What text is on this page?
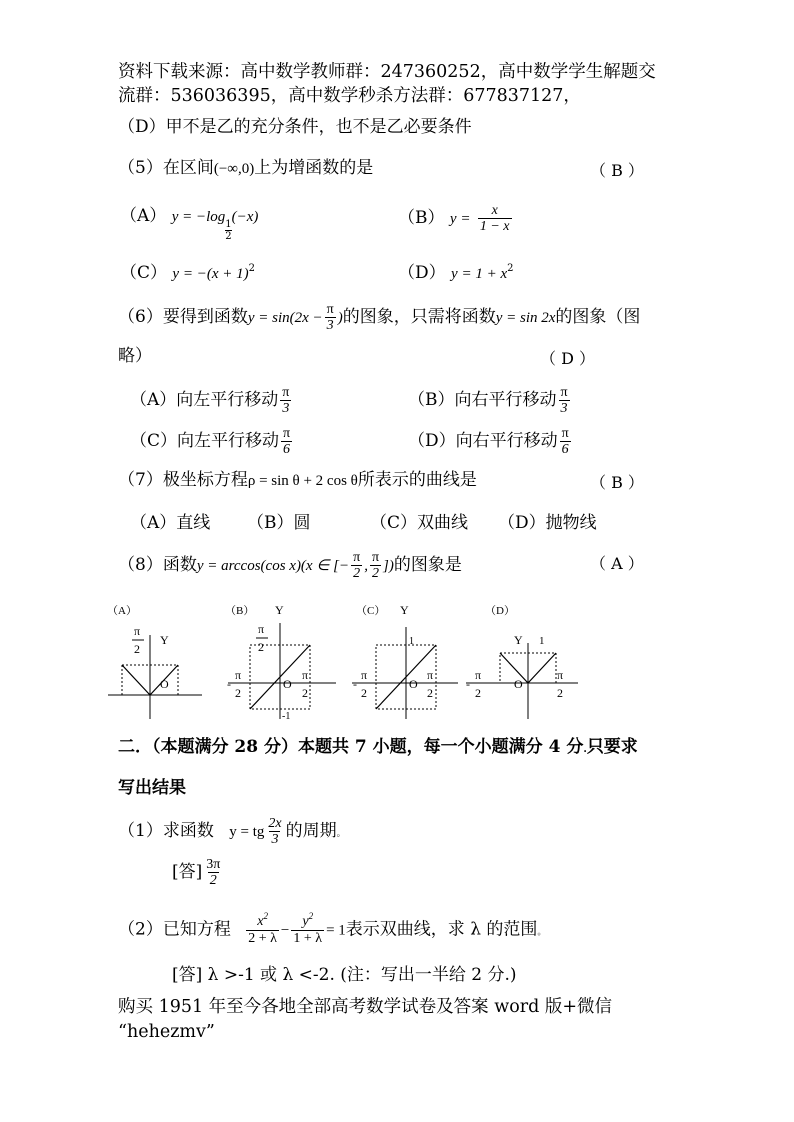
资料下载来源：高中数学教师群：247360252，高中数学学生解题交
流群：536036395，高中数学秒杀方法群：677837127，
（D）甲不是乙的充分条件，也不是乙必要条件
（5）在区间(−∞,0)上为增函数的是	（ B ）
（A） y = −log
$\frac{1}{2}$
(−x)	（B） $y = \frac{x}{1 - x}$
（C） $y = -(x + 1)^2$	（D） $y = 1 + x^2$
（6）要得到函数$y = \sin(2x - \frac{\pi}{3}$ )的图象，只需将函数y = sin 2x的图象（图
略）	（ D ）
（A）向左平行移动 $\frac{\pi}{3}$	（B）向右平行移动 $\frac{\pi}{3}$
（C）向左平行移动 $\frac{\pi}{6}$	（D）向右平行移动 $\frac{\pi}{6}$
（7）极坐标方程ρ = sin θ + 2 cos θ所表示的曲线是	（ B ）
（A）直线 （B）圆	（C）双曲线 （D）抛物线
（8）函数y = arccos(cos x)(x ∈ [− $\frac{\pi}{2}$ , $\frac{\pi}{2}$ ])的图象是	（ A ）
（A）
π
2
Y
O
（B） Y
π
2
-
π
2
O
π
2
-1
（C） Y
1
-
π
2
O
π
2
（D）
Y 1
-
π
2
O
π
2
二．（本题满分 28 分）本题共 7 小题，每一个小题满分 4 分.只要求
写出结果
（1）求函数 y = tg $\frac{2x}{3}$ 的周期。
[答] $\frac{3\pi}{2}$
（2）已知方程 $\frac{x^2}{2 + \lambda} - \frac{y^2}{1 + \lambda} = 1$表示双曲线，求 λ 的范围。
[答] λ >-1 或 λ <-2. (注：写出一半给 2 分.)
购买 1951 年至今各地全部高考数学试卷及答案 word 版+微信
“hehezmv”
